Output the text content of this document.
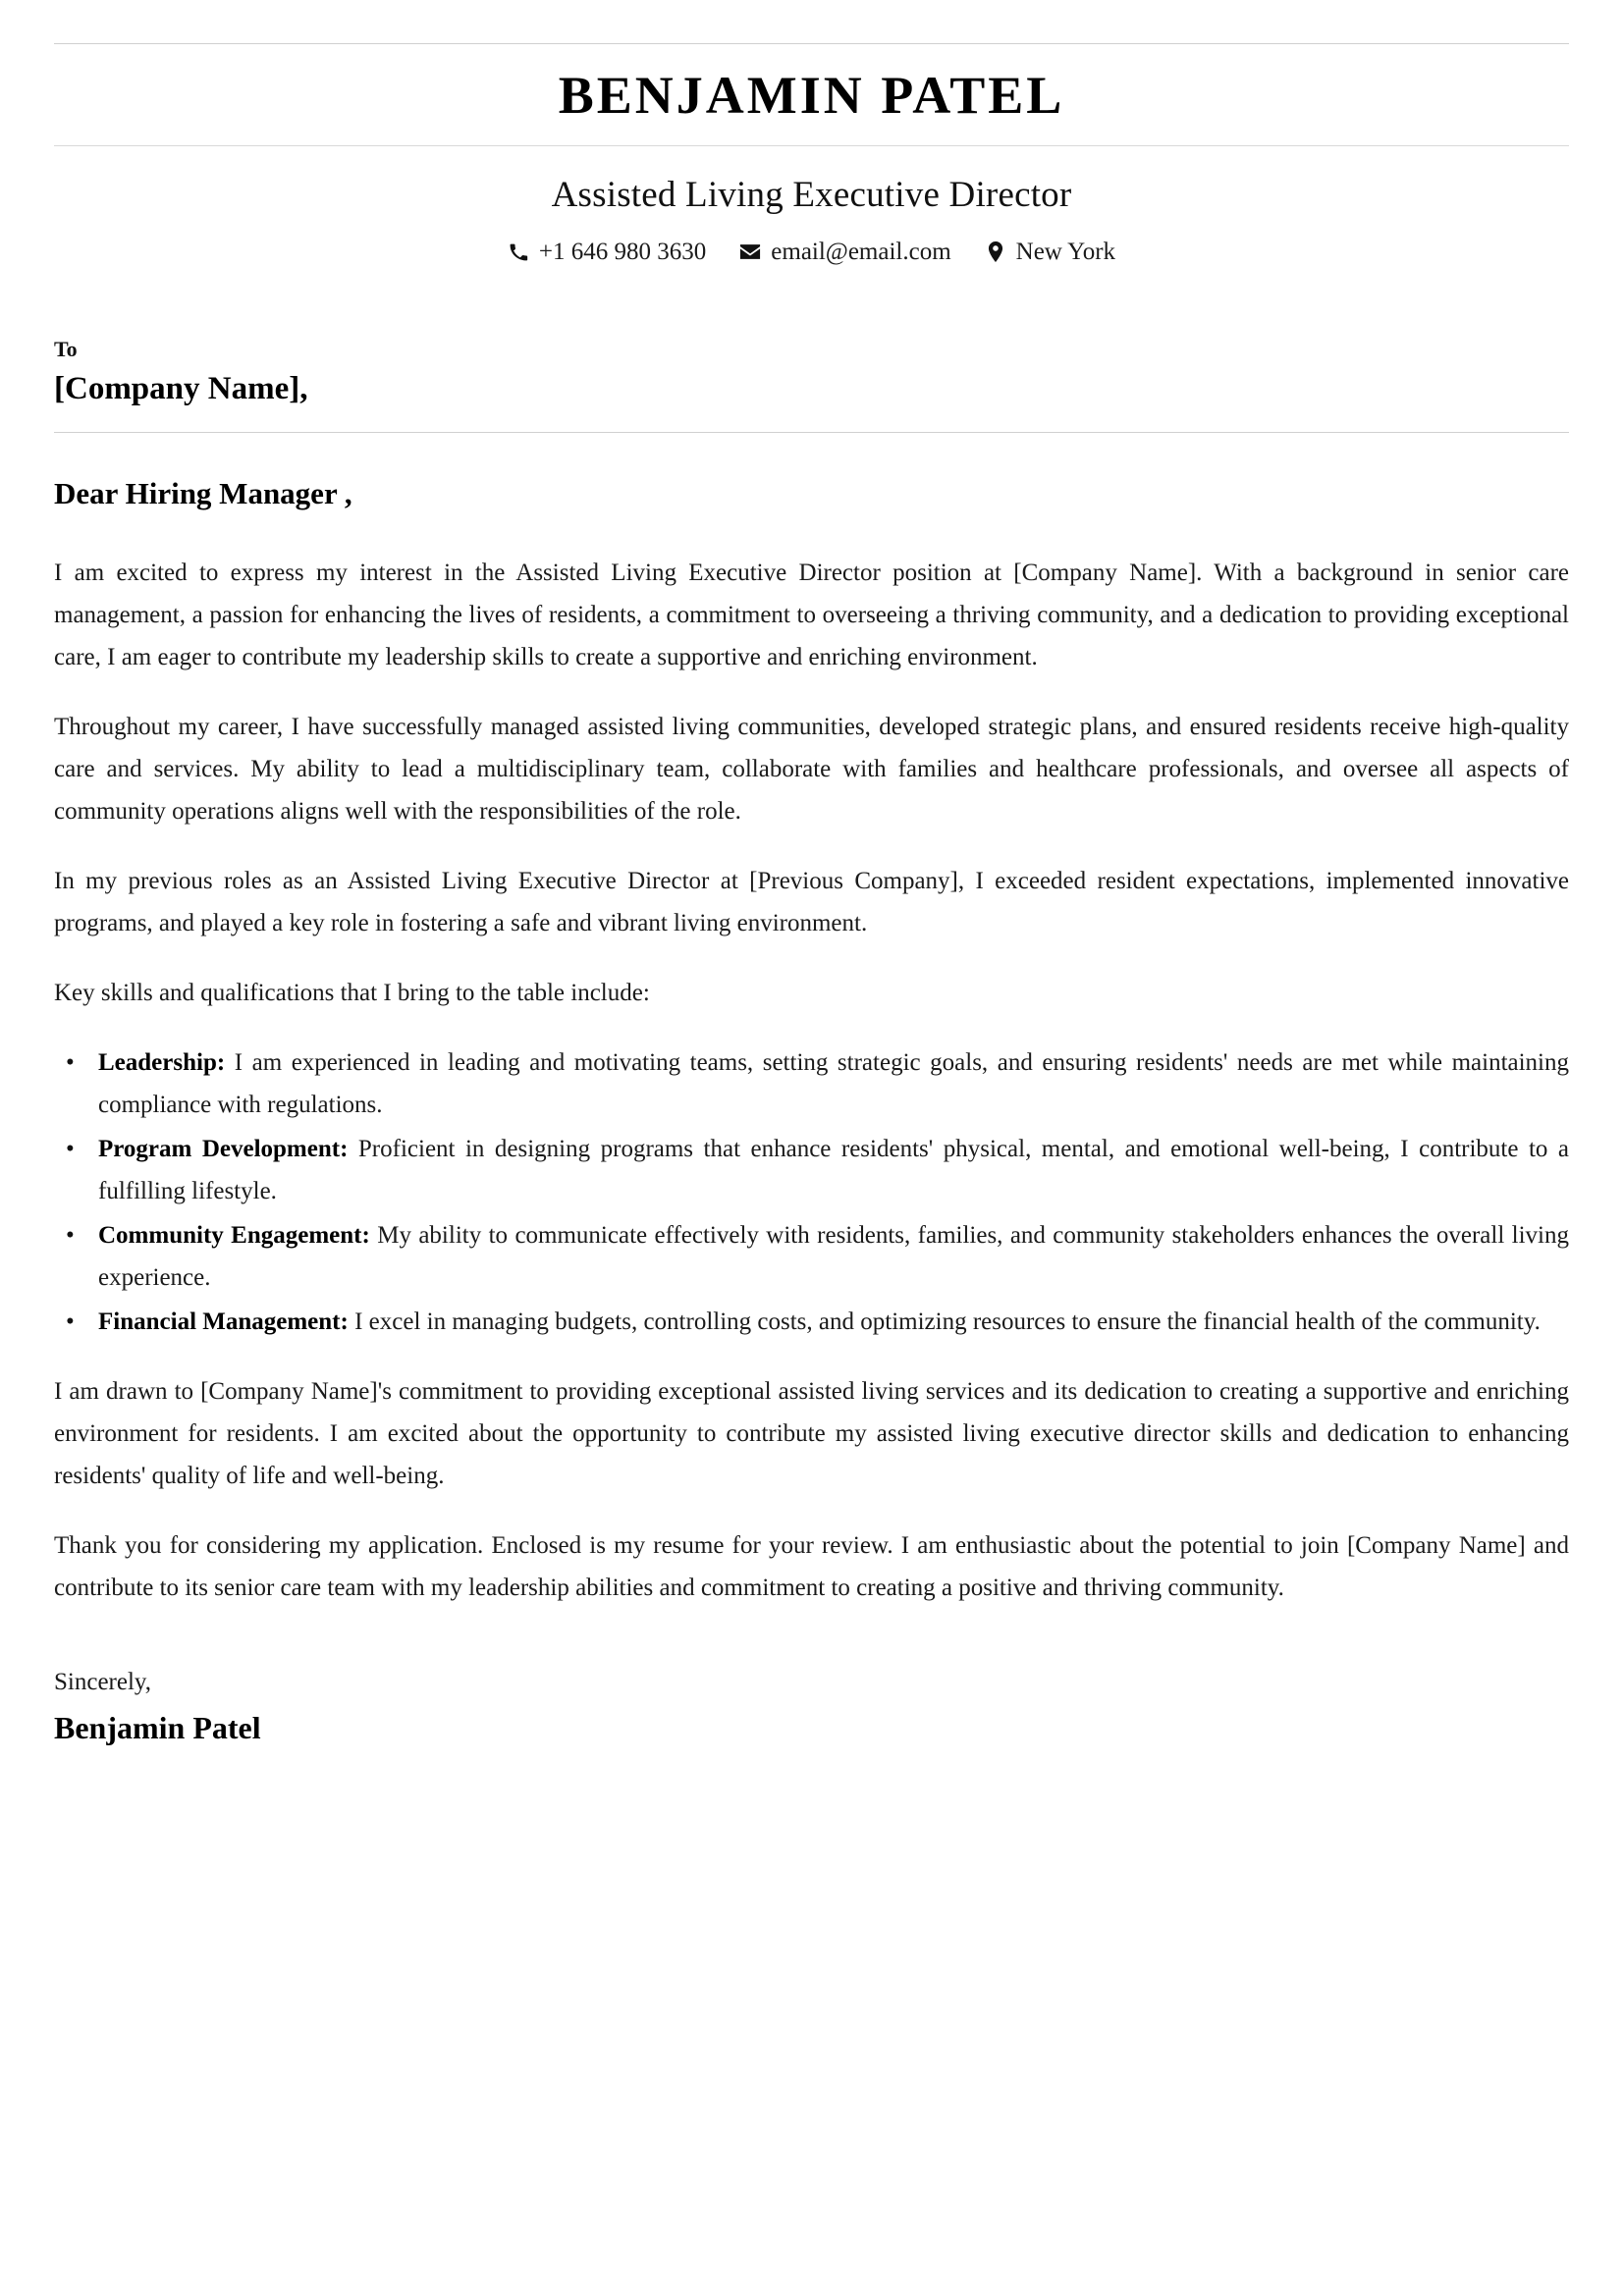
BENJAMIN PATEL
Assisted Living Executive Director
+1 646 980 3630	email@email.com	New York
To
[Company Name],
Dear Hiring Manager ,

I am excited to express my interest in the Assisted Living Executive Director position at [Company Name]. With a background in senior care management, a passion for enhancing the lives of residents, a commitment to overseeing a thriving community, and a dedication to providing exceptional care, I am eager to contribute my leadership skills to create a supportive and enriching environment.

Throughout my career, I have successfully managed assisted living communities, developed strategic plans, and ensured residents receive high-quality care and services. My ability to lead a multidisciplinary team, collaborate with families and healthcare professionals, and oversee all aspects of community operations aligns well with the responsibilities of the role.

In my previous roles as an Assisted Living Executive Director at [Previous Company], I exceeded resident expectations, implemented innovative programs, and played a key role in fostering a safe and vibrant living environment.

Key skills and qualifications that I bring to the table include:

• Leadership: I am experienced in leading and motivating teams, setting strategic goals, and ensuring residents' needs are met while maintaining compliance with regulations.
• Program Development: Proficient in designing programs that enhance residents' physical, mental, and emotional well-being, I contribute to a fulfilling lifestyle.
• Community Engagement: My ability to communicate effectively with residents, families, and community stakeholders enhances the overall living experience.
• Financial Management: I excel in managing budgets, controlling costs, and optimizing resources to ensure the financial health of the community.

I am drawn to [Company Name]'s commitment to providing exceptional assisted living services and its dedication to creating a supportive and enriching environment for residents. I am excited about the opportunity to contribute my assisted living executive director skills and dedication to enhancing residents' quality of life and well-being.

Thank you for considering my application. Enclosed is my resume for your review. I am enthusiastic about the potential to join [Company Name] and contribute to its senior care team with my leadership abilities and commitment to creating a positive and thriving community.

Sincerely,
Benjamin Patel
